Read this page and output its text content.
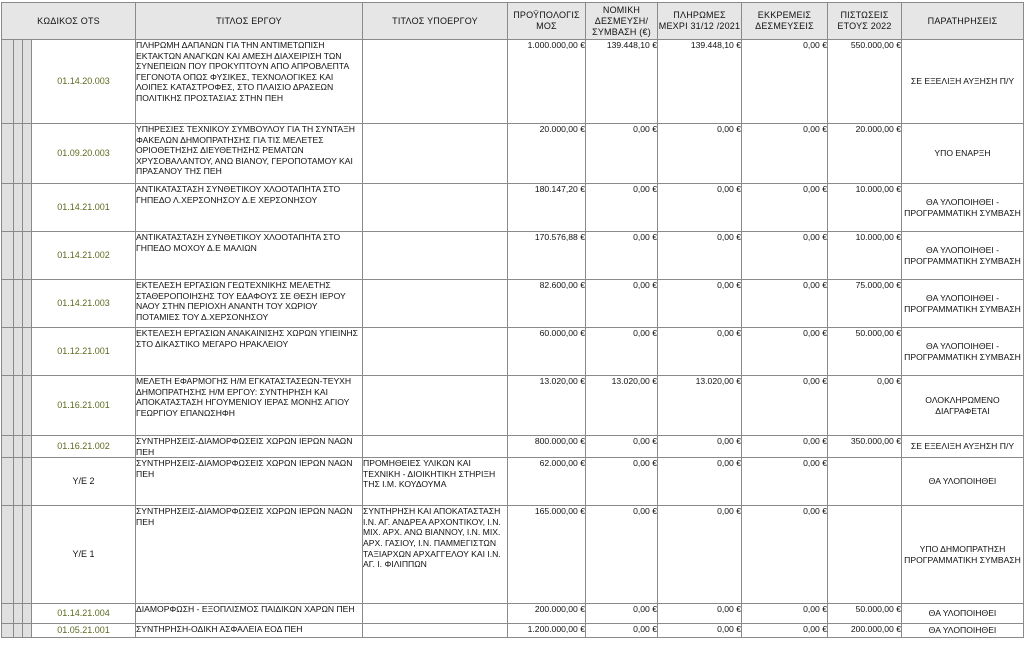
ΚΩΔΙΚΟΣ OTS				ΤΙΤΛΟΣ ΕΡΓΟΥ	ΤΙΤΛΟΣ ΥΠΟΕΡΓΟΥ	ΠΡΟΫΠΟΛΟΓΙΣ ΜΟΣ	ΝΟΜΙΚΗ ΔΕΣΜΕΥΣΗ/ ΣΥΜΒΑΣΗ (€)	ΠΛΗΡΩΜΕΣ ΜΕΧΡΙ 31/12 /2021	ΕΚΚΡΕΜΕΙΣ ΔΕΣΜΕΥΣΕΙΣ	ΠΙΣΤΩΣΕΙΣ ΕΤΟΥΣ 2022	ΠΑΡΑΤΗΡΗΣΕΙΣ
			01.14.20.003	ΠΛΗΡΩΜΗ ΔΑΠΑΝΩΝ ΓΙΑ ΤΗΝ ΑΝΤΙΜΕΤΩΠΙΣΗ ΕΚΤΑΚΤΩΝ ΑΝΑΓΚΩΝ ΚΑΙ ΑΜΕΣΗ ΔΙΑΧΕΙΡΙΣΗ ΤΩΝ ΣΥΝΕΠΕΙΩΝ ΠΟΥ ΠΡΟΚΥΠΤΟΥΝ ΑΠΟ ΑΠΡΟΒΛΕΠΤΑ ΓΕΓΟΝΟΤΑ ΟΠΩΣ ΦΥΣΙΚΕΣ, ΤΕΧΝΟΛΟΓΙΚΕΣ ΚΑΙ ΛΟΙΠΕΣ ΚΑΤΑΣΤΡΟΦΕΣ, ΣΤΟ ΠΛΑΙΣΙΟ ΔΡΑΣΕΩΝ ΠΟΛΙΤΙΚΗΣ ΠΡΟΣΤΑΣΙΑΣ ΣΤΗΝ ΠΕΗ		1.000.000,00 €	139.448,10 €	139.448,10 €	0,00 €	550.000,00 €	ΣΕ ΕΞΕΛΙΞΗ ΑΥΞΗΣΗ Π/Υ
			01.09.20.003	ΥΠΗΡΕΣΙΕΣ ΤΕΧΝΙΚΟΥ ΣΥΜΒΟΥΛΟΥ ΓΙΑ ΤΗ ΣΥΝΤΑΞΗ ΦΑΚΕΛΩΝ ΔΗΜΟΠΡΑΤΗΣΗΣ ΓΙΑ ΤΙΣ ΜΕΛΕΤΕΣ ΟΡΙΟΘΕΤΗΣΗΣ ΔΙΕΥΘΕΤΗΣΗΣ ΡΕΜΑΤΩΝ ΧΡΥΣΟΒΑΛΑΝΤΟΥ, ΑΝΩ ΒΙΑΝΟΥ, ΓΕΡΟΠΟΤΑΜΟΥ ΚΑΙ ΠΡΑΣΑΝΟΥ ΤΗΣ ΠΕΗ		20.000,00 €	0,00 €	0,00 €	0,00 €	20.000,00 €	ΥΠΟ ΕΝΑΡΞΗ
			01.14.21.001	ΑΝΤΙΚΑΤΑΣΤΑΣΗ ΣΥΝΘΕΤΙΚΟΥ ΧΛΟΟΤΑΠΗΤΑ ΣΤΟ ΓΗΠΕΔΟ Λ.ΧΕΡΣΟΝΗΣΟΥ Δ.Ε ΧΕΡΣΟΝΗΣΟΥ		180.147,20 €	0,00 €	0,00 €	0,00 €	10.000,00 €	ΘΑ ΥΛΟΠΟΙΗΘΕΙ - ΠΡΟΓΡΑΜΜΑΤΙΚΗ ΣΥΜΒΑΣΗ
			01.14.21.002	ΑΝΤΙΚΑΤΑΣΤΑΣΗ ΣΥΝΘΕΤΙΚΟΥ ΧΛΟΟΤΑΠΗΤΑ ΣΤΟ ΓΗΠΕΔΟ ΜΟΧΟΥ Δ.Ε ΜΑΛΙΩΝ		170.576,88 €	0,00 €	0,00 €	0,00 €	10.000,00 €	ΘΑ ΥΛΟΠΟΙΗΘΕΙ - ΠΡΟΓΡΑΜΜΑΤΙΚΗ ΣΥΜΒΑΣΗ
			01.14.21.003	ΕΚΤΕΛΕΣΗ ΕΡΓΑΣΙΩΝ ΓΕΩΤΕΧΝΙΚΗΣ ΜΕΛΕΤΗΣ ΣΤΑΘΕΡΟΠΟΙΗΣΗΣ ΤΟΥ ΕΔΑΦΟΥΣ ΣΕ ΘΕΣΗ ΙΕΡΟΥ ΝΑΟΥ ΣΤΗΝ ΠΕΡΙΟΧΗ ΑΝΑΝΤΗ ΤΟΥ ΧΩΡΙΟΥ ΠΟΤΑΜΙΕΣ ΤΟΥ Δ.ΧΕΡΣΟΝΗΣΟΥ		82.600,00 €	0,00 €	0,00 €	0,00 €	75.000,00 €	ΘΑ ΥΛΟΠΟΙΗΘΕΙ - ΠΡΟΓΡΑΜΜΑΤΙΚΗ ΣΥΜΒΑΣΗ
			01.12.21.001	ΕΚΤΕΛΕΣΗ ΕΡΓΑΣΙΩΝ ΑΝΑΚΑΙΝΙΣΗΣ ΧΩΡΩΝ ΥΓΙΕΙΝΗΣ ΣΤΟ ΔΙΚΑΣΤΙΚΟ ΜΕΓΑΡΟ ΗΡΑΚΛΕΙΟΥ		60.000,00 €	0,00 €	0,00 €	0,00 €	50.000,00 €	ΘΑ ΥΛΟΠΟΙΗΘΕΙ - ΠΡΟΓΡΑΜΜΑΤΙΚΗ ΣΥΜΒΑΣΗ
			01.16.21.001	ΜΕΛΕΤΗ ΕΦΑΡΜΟΓΗΣ Η/Μ ΕΓΚΑΤΑΣΤΑΣΕΩΝ-ΤΕΥΧΗ ΔΗΜΟΠΡΑΤΗΣΗΣ Η/Μ ΕΡΓΟΥ: ΣΥΝΤΗΡΗΣΗ ΚΑΙ ΑΠΟΚΑΤΑΣΤΑΣΗ ΗΓΟΥΜΕΝΙΟΥ ΙΕΡΑΣ ΜΟΝΗΣ ΑΓΙΟΥ ΓΕΩΡΓΙΟΥ ΕΠΑΝΩΣΗΦΗ		13.020,00 €	13.020,00 €	13.020,00 €	0,00 €	0,00 €	ΟΛΟΚΛΗΡΩΜΕΝΟ ΔΙΑΓΡΑΦΕΤΑΙ
			01.16.21.002	ΣΥΝΤΗΡΗΣΕΙΣ-ΔΙΑΜΟΡΦΩΣΕΙΣ ΧΩΡΩΝ ΙΕΡΩΝ ΝΑΩΝ ΠΕΗ		800.000,00 €	0,00 €	0,00 €	0,00 €	350.000,00 €	ΣΕ ΕΞΕΛΙΞΗ ΑΥΞΗΣΗ Π/Υ
			Υ/Ε 2	ΣΥΝΤΗΡΗΣΕΙΣ-ΔΙΑΜΟΡΦΩΣΕΙΣ ΧΩΡΩΝ ΙΕΡΩΝ ΝΑΩΝ ΠΕΗ	ΠΡΟΜΗΘΕΙΕΣ ΥΛΙΚΩΝ ΚΑΙ ΤΕΧΝΙΚΗ - ΔΙΟΙΚΗΤΙΚΗ ΣΤΗΡΙΞΗ ΤΗΣ Ι.Μ. ΚΟΥΔΟΥΜΑ	62.000,00 €	0,00 €	0,00 €	0,00 €		ΘΑ ΥΛΟΠΟΙΗΘΕΙ
			Υ/Ε 1	ΣΥΝΤΗΡΗΣΕΙΣ-ΔΙΑΜΟΡΦΩΣΕΙΣ ΧΩΡΩΝ ΙΕΡΩΝ ΝΑΩΝ ΠΕΗ	ΣΥΝΤΗΡΗΣΗ ΚΑΙ ΑΠΟΚΑΤΑΣΤΑΣΗ Ι.Ν. ΑΓ. ΑΝΔΡΕΑ ΑΡΧΟΝΤΙΚΟΥ, Ι.Ν. ΜΙΧ. ΑΡΧ. ΑΝΩ ΒΙΑΝΝΟΥ, Ι.Ν. ΜΙΧ. ΑΡΧ. ΓΑΣΙΟΥ, Ι.Ν. ΠΑΜΜΕΓΙΣΤΩΝ ΤΑΞΙΑΡΧΩΝ ΑΡΧΑΓΓΕΛΟΥ ΚΑΙ Ι.Ν. ΑΓ. Ι. ΦΙΛΙΠΠΩΝ	165.000,00 €	0,00 €	0,00 €	0,00 €		ΥΠΟ ΔΗΜΟΠΡΑΤΗΣΗ ΠΡΟΓΡΑΜΜΑΤΙΚΗ ΣΥΜΒΑΣΗ
			01.14.21.004	ΔΙΑΜΟΡΦΩΣΗ - ΕΞΟΠΛΙΣΜΟΣ ΠΑΙΔΙΚΩΝ ΧΑΡΩΝ ΠΕΗ		200.000,00 €	0,00 €	0,00 €	0,00 €	50.000,00 €	ΘΑ ΥΛΟΠΟΙΗΘΕΙ
			01.05.21.001	ΣΥΝΤΗΡΗΣΗ-ΟΔΙΚΗ ΑΣΦΑΛΕΙΑ ΕΟΔ ΠΕΗ		1.200.000,00 €	0,00 €	0,00 €	0,00 €	200.000,00 €	ΘΑ ΥΛΟΠΟΙΗΘΕΙ
